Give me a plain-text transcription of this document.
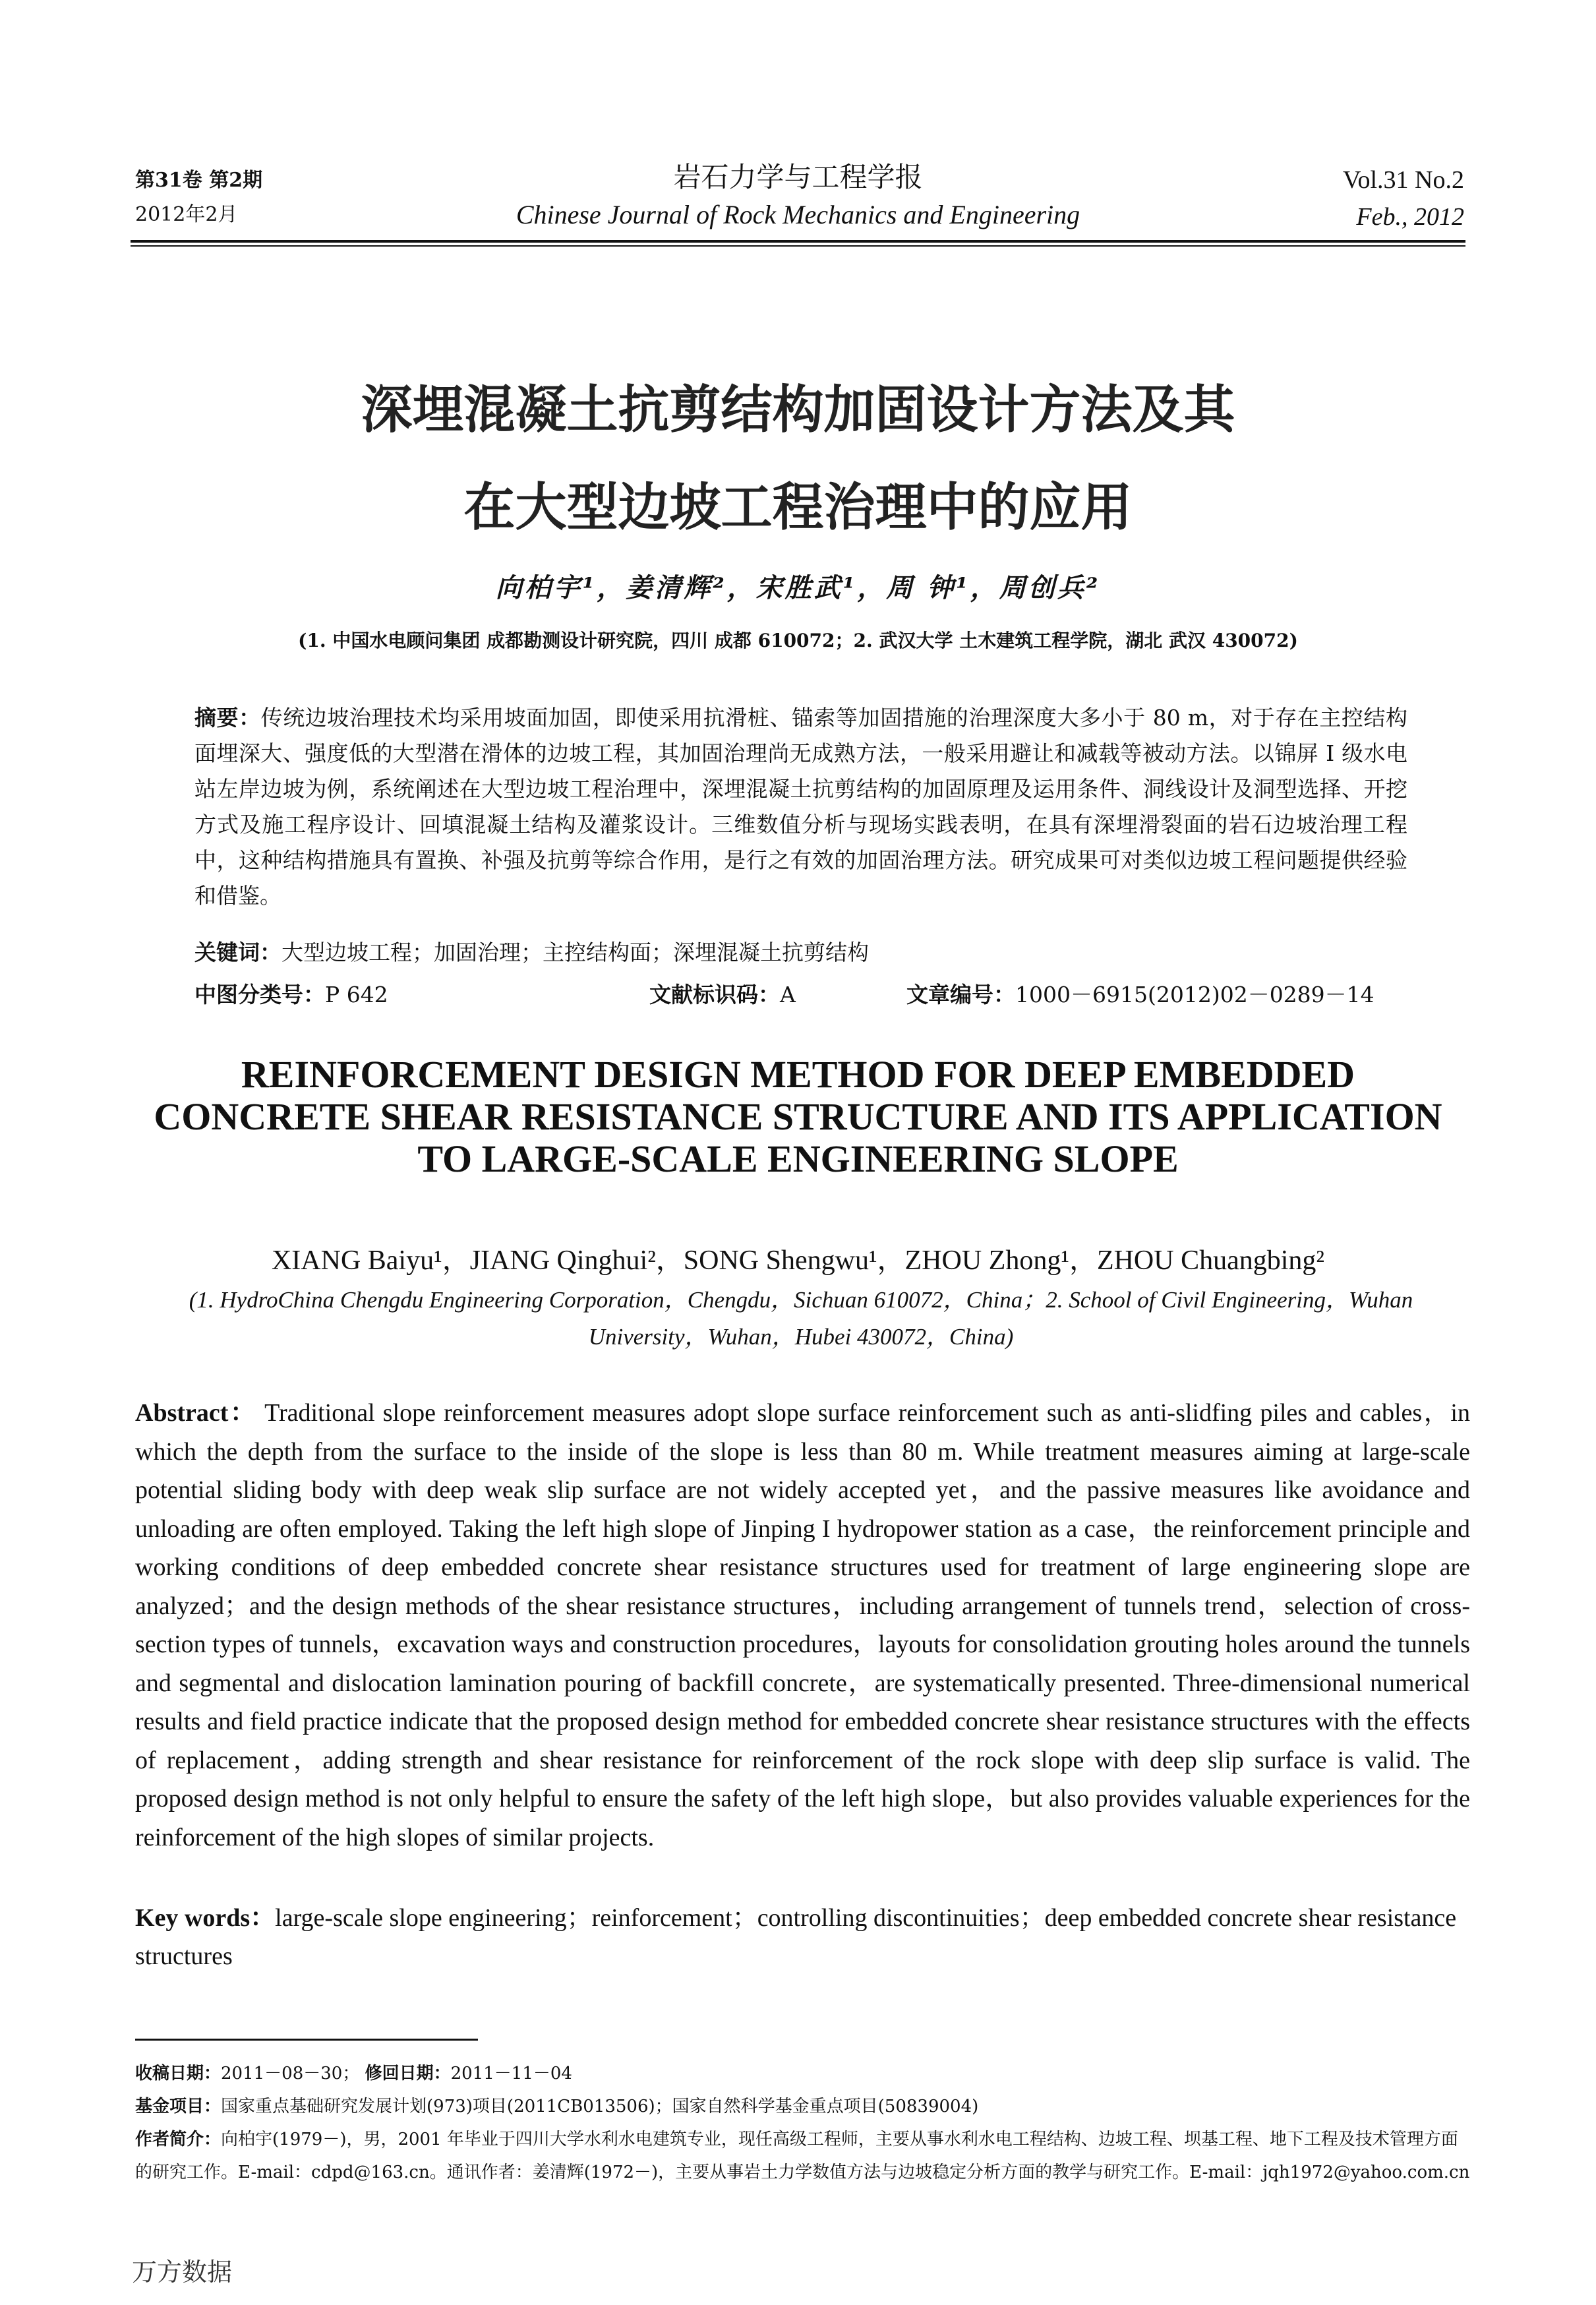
第31卷 第2期
2012年2月
岩石力学与工程学报
Chinese Journal of Rock Mechanics and Engineering
Vol.31 No.2
Feb., 2012
深埋混凝土抗剪结构加固设计方法及其
在大型边坡工程治理中的应用
向柏宇¹，姜清辉²，宋胜武¹，周 钟¹，周创兵²
(1. 中国水电顾问集团 成都勘测设计研究院，四川 成都 610072；2. 武汉大学 土木建筑工程学院，湖北 武汉 430072)
摘要：传统边坡治理技术均采用坡面加固，即使采用抗滑桩、锚索等加固措施的治理深度大多小于 80 m，对于存在主控结构面埋深大、强度低的大型潜在滑体的边坡工程，其加固治理尚无成熟方法，一般采用避让和减载等被动方法。以锦屏 I 级水电站左岸边坡为例，系统阐述在大型边坡工程治理中，深埋混凝土抗剪结构的加固原理及运用条件、洞线设计及洞型选择、开挖方式及施工程序设计、回填混凝土结构及灌浆设计。三维数值分析与现场实践表明，在具有深埋滑裂面的岩石边坡治理工程中，这种结构措施具有置换、补强及抗剪等综合作用，是行之有效的加固治理方法。研究成果可对类似边坡工程问题提供经验和借鉴。
关键词：大型边坡工程；加固治理；主控结构面；深埋混凝土抗剪结构
中图分类号：P 642	文献标识码：A	文章编号：1000－6915(2012)02－0289－14
REINFORCEMENT DESIGN METHOD FOR DEEP EMBEDDED
CONCRETE SHEAR RESISTANCE STRUCTURE AND ITS APPLICATION
TO LARGE-SCALE ENGINEERING SLOPE
XIANG Baiyu¹，JIANG Qinghui²，SONG Shengwu¹，ZHOU Zhong¹，ZHOU Chuangbing²
(1. HydroChina Chengdu Engineering Corporation，Chengdu，Sichuan 610072，China；2. School of Civil Engineering，Wuhan University，Wuhan，Hubei 430072，China)
Abstract： Traditional slope reinforcement measures adopt slope surface reinforcement such as anti-slidfing piles and cables，in which the depth from the surface to the inside of the slope is less than 80 m. While treatment measures aiming at large-scale potential sliding body with deep weak slip surface are not widely accepted yet，and the passive measures like avoidance and unloading are often employed. Taking the left high slope of Jinping I hydropower station as a case，the reinforcement principle and working conditions of deep embedded concrete shear resistance structures used for treatment of large engineering slope are analyzed；and the design methods of the shear resistance structures，including arrangement of tunnels trend，selection of cross-section types of tunnels，excavation ways and construction procedures，layouts for consolidation grouting holes around the tunnels and segmental and dislocation lamination pouring of backfill concrete，are systematically presented. Three-dimensional numerical results and field practice indicate that the proposed design method for embedded concrete shear resistance structures with the effects of replacement，adding strength and shear resistance for reinforcement of the rock slope with deep slip surface is valid. The proposed design method is not only helpful to ensure the safety of the left high slope，but also provides valuable experiences for the reinforcement of the high slopes of similar projects.
Key words：large-scale slope engineering；reinforcement；controlling discontinuities；deep embedded concrete shear resistance structures
收稿日期：2011－08－30； 修回日期：2011－11－04
基金项目：国家重点基础研究发展计划(973)项目(2011CB013506)；国家自然科学基金重点项目(50839004)
作者简介：向柏宇(1979－)，男，2001 年毕业于四川大学水利水电建筑专业，现任高级工程师，主要从事水利水电工程结构、边坡工程、坝基工程、地下工程及技术管理方面的研究工作。E-mail：cdpd@163.cn。通讯作者：姜清辉(1972－)，主要从事岩土力学数值方法与边坡稳定分析方面的教学与研究工作。E-mail：jqh1972@yahoo.com.cn
万方数据
